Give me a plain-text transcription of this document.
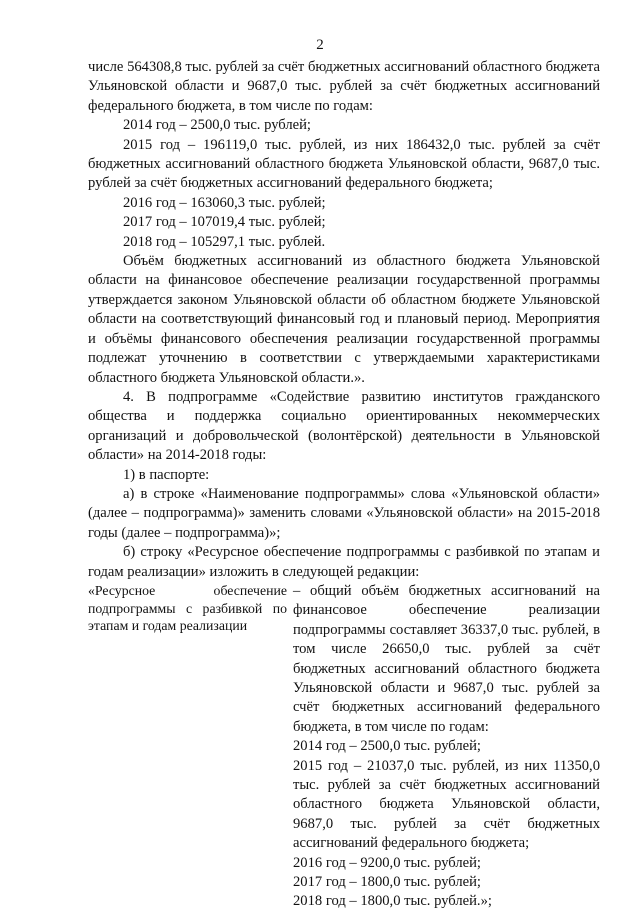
2

числе 564308,8 тыс. рублей за счёт бюджетных ассигнований областного бюджета Ульяновской области и 9687,0 тыс. рублей за счёт бюджетных ассигнований федерального бюджета, в том числе по годам:

2014 год – 2500,0 тыс. рублей;

2015 год – 196119,0 тыс. рублей, из них 186432,0 тыс. рублей за счёт бюджетных ассигнований областного бюджета Ульяновской области, 9687,0 тыс. рублей за счёт бюджетных ассигнований федерального бюджета;

2016 год – 163060,3 тыс. рублей;

2017 год – 107019,4 тыс. рублей;

2018 год – 105297,1 тыс. рублей.

Объём бюджетных ассигнований из областного бюджета Ульяновской области на финансовое обеспечение реализации государственной программы утверждается законом Ульяновской области об областном бюджете Ульяновской области на соответствующий финансовый год и плановый период. Мероприятия и объёмы финансового обеспечения реализации государственной программы подлежат уточнению в соответствии с утверждаемыми характеристиками областного бюджета Ульяновской области.».

4. В подпрограмме «Содействие развитию институтов гражданского общества и поддержка социально ориентированных некоммерческих организаций и добровольческой (волонтёрской) деятельности в Ульяновской области» на 2014-2018 годы:

1) в паспорте:

а) в строке «Наименование подпрограммы» слова «Ульяновской области» (далее – подпрограмма)» заменить словами «Ульяновской области» на 2015-2018 годы (далее – подпрограмма)»;

б) строку «Ресурсное обеспечение подпрограммы с разбивкой по этапам и годам реализации» изложить в следующей редакции:

«Ресурсное обеспечение подпрограммы с разбивкой по этапам и годам реализации

– общий объём бюджетных ассигнований на финансовое обеспечение реализации подпрограммы составляет 36337,0 тыс. рублей, в том числе 26650,0 тыс. рублей за счёт бюджетных ассигнований областного бюджета Ульяновской области и 9687,0 тыс. рублей за счёт бюджетных ассигнований федерального бюджета, в том числе по годам:

2014 год – 2500,0 тыс. рублей;

2015 год – 21037,0 тыс. рублей, из них 11350,0 тыс. рублей за счёт бюджетных ассигнований областного бюджета Ульяновской области, 9687,0 тыс. рублей за счёт бюджетных ассигнований федерального бюджета;

2016 год – 9200,0 тыс. рублей;

2017 год – 1800,0 тыс. рублей;

2018 год – 1800,0 тыс. рублей.»;
